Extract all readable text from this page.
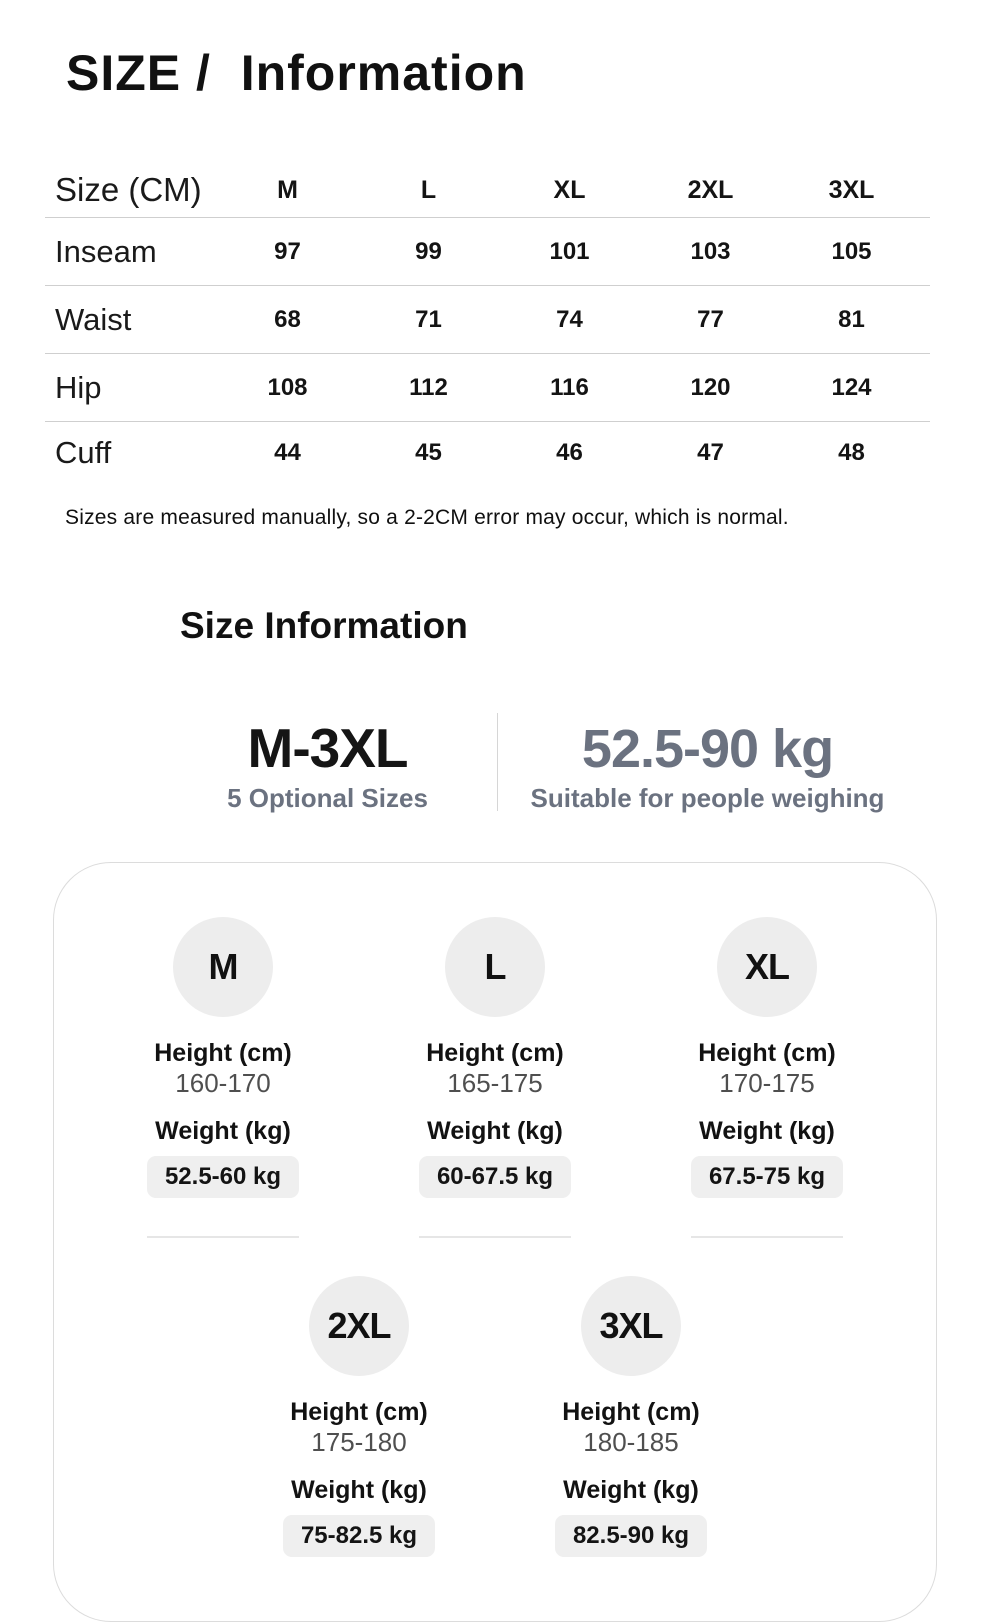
SIZE /  Information
Size (CM)	M	L	XL	2XL	3XL
Inseam	97	99	101	103	105
Waist	68	71	74	77	81
Hip	108	112	116	120	124
Cuff	44	45	46	47	48
Sizes are measured manually, so a 2-2CM error may occur, which is normal.
Size Information
M-3XL
5 Optional Sizes
52.5-90 kg
Suitable for people weighing
M
Height (cm)
160-170
Weight (kg)
52.5-60 kg
L
Height (cm)
165-175
Weight (kg)
60-67.5 kg
XL
Height (cm)
170-175
Weight (kg)
67.5-75 kg
2XL
Height (cm)
175-180
Weight (kg)
75-82.5 kg
3XL
Height (cm)
180-185
Weight (kg)
82.5-90 kg
